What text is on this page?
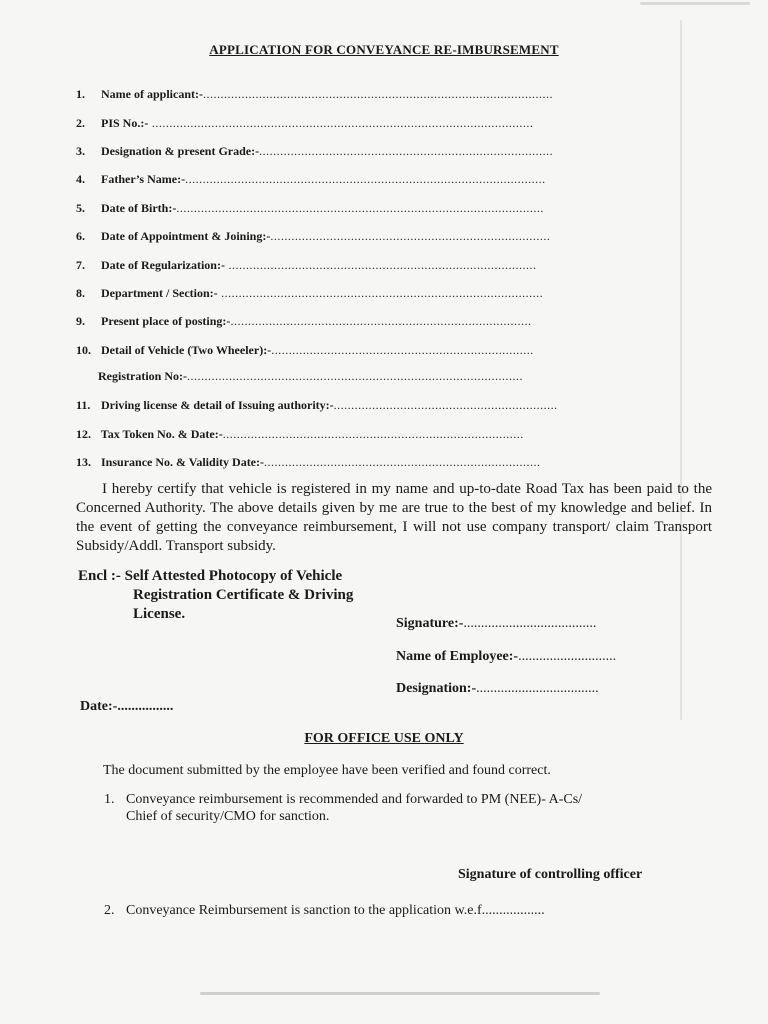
APPLICATION FOR CONVEYANCE RE-IMBURSEMENT
1. Name of applicant:-....................................................................................................
2. PIS No.:- .............................................................................................................
3. Designation & present Grade:-....................................................................................
4. Father’s Name:-.......................................................................................................
5. Date of Birth:-.........................................................................................................
6. Date of Appointment & Joining:-................................................................................
7. Date of Regularization:- ........................................................................................
8. Department / Section:- ............................................................................................
9. Present place of posting:-......................................................................................
10. Detail of Vehicle (Two Wheeler):-...........................................................................
Registration No:-................................................................................................
11. Driving license & detail of Issuing authority:-................................................................
12. Tax Token No. & Date:-......................................................................................
13. Insurance No. & Validity Date:-...............................................................................
I hereby certify that vehicle is registered in my name and up-to-date Road Tax has been paid to the Concerned Authority. The above details given by me are true to the best of my knowledge and belief. In the event of getting the conveyance reimbursement, I will not use company transport/ claim Transport Subsidy/Addl. Transport subsidy.
Encl :- Self Attested Photocopy of Vehicle
Registration Certificate & Driving
License.
Signature:-......................................
Name of Employee:-............................
Designation:-...................................
Date:-................
FOR OFFICE USE ONLY
The document submitted by the employee have been verified and found correct.
1. Conveyance reimbursement is recommended and forwarded to PM (NEE)- A-Cs/
Chief of security/CMO for sanction.
Signature of controlling officer
2. Conveyance Reimbursement is sanction to the application w.e.f..................
